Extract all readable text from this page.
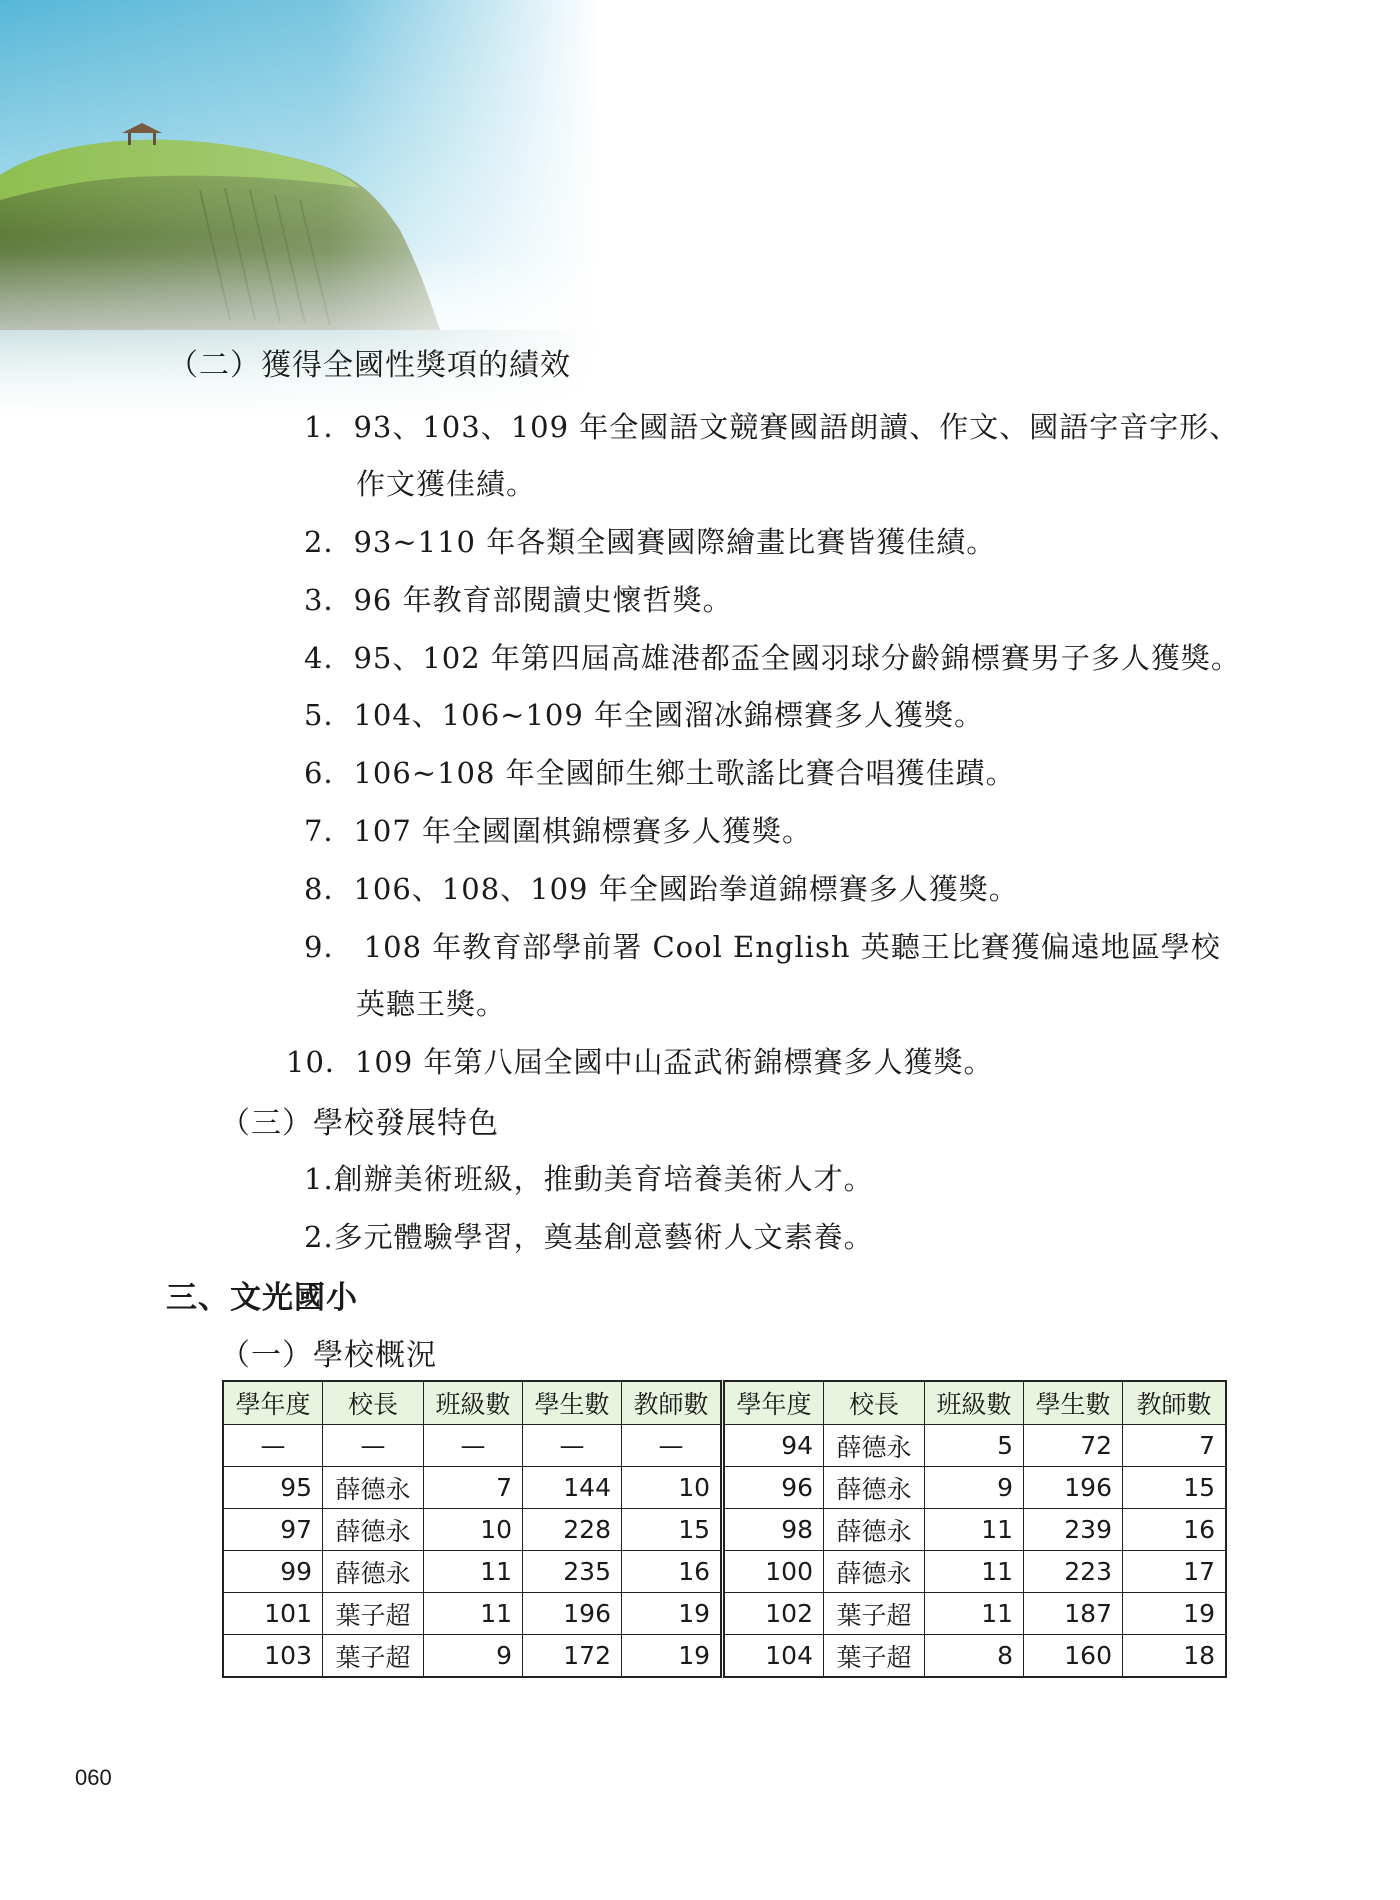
（二）獲得全國性獎項的績效
1．93、103、109 年全國語文競賽國語朗讀、作文、國語字音字形、
作文獲佳績。
2．93~110 年各類全國賽國際繪畫比賽皆獲佳績。
3．96 年教育部閱讀史懷哲獎。
4．95、102 年第四屆高雄港都盃全國羽球分齡錦標賽男子多人獲獎。
5．104、106~109 年全國溜冰錦標賽多人獲獎。
6．106~108 年全國師生鄉土歌謠比賽合唱獲佳蹟。
7．107 年全國圍棋錦標賽多人獲獎。
8．106、108、109 年全國跆拳道錦標賽多人獲獎。
9． 108 年教育部學前署 Cool English 英聽王比賽獲偏遠地區學校
英聽王獎。
10．109 年第八屆全國中山盃武術錦標賽多人獲獎。
（三）學校發展特色
1.創辦美術班級，推動美育培養美術人才。
2.多元體驗學習，奠基創意藝術人文素養。
三、文光國小
（一）學校概況
學年度	校長	班級數	學生數	教師數	學年度	校長	班級數	學生數	教師數
—	—	—	—	—	94	薛德永	5	72	7
95	薛德永	7	144	10	96	薛德永	9	196	15
97	薛德永	10	228	15	98	薛德永	11	239	16
99	薛德永	11	235	16	100	薛德永	11	223	17
101	葉子超	11	196	19	102	葉子超	11	187	19
103	葉子超	9	172	19	104	葉子超	8	160	18
060
